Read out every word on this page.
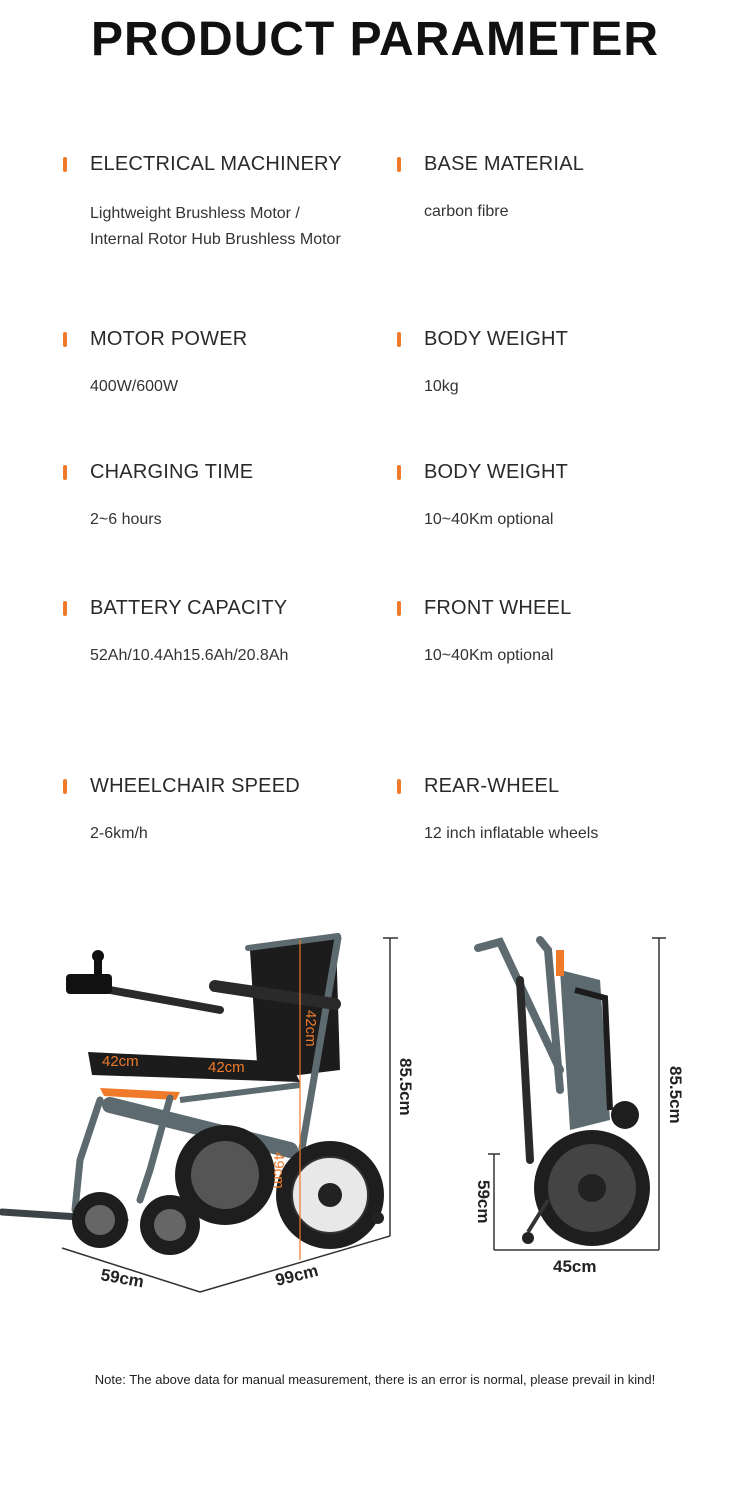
PRODUCT PARAMETER
ELECTRICAL MACHINERY
Lightweight Brushless Motor /
Internal Rotor Hub Brushless Motor
MOTOR POWER
400W/600W
CHARGING TIME
2~6 hours
BATTERY CAPACITY
52Ah/10.4Ah15.6Ah/20.8Ah
WHEELCHAIR SPEED
2-6km/h
BASE MATERIAL
carbon fibre
BODY WEIGHT
10kg
BODY WEIGHT
10~40Km optional
FRONT WHEEL
10~40Km optional
REAR-WHEEL
12 inch inflatable wheels
42cm	42cm
42cm
49cm
85.5cm
59cm	99cm
85.5cm
59cm
45cm
Note: The above data for manual measurement, there is an error is normal, please prevail in kind!
